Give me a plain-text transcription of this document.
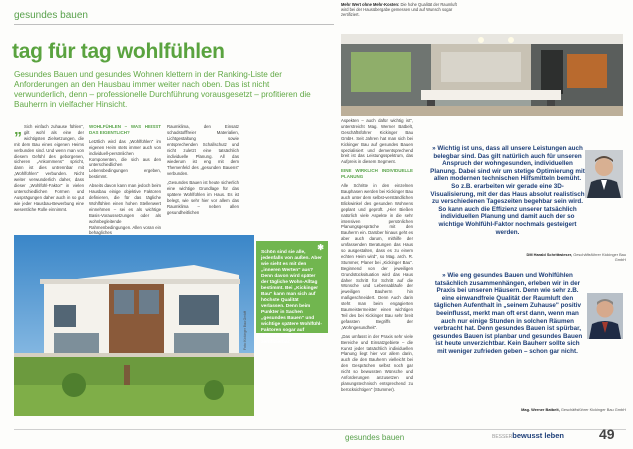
gesundes bauen
tag für tag wohlfühlen
Gesundes Bauen und gesundes Wohnen klettern in der Ranking-Liste der Anforderungen an den Hausbau immer weiter nach oben. Das ist nicht verwunderlich, denn – professionelle Durchführung vorausgesetzt – profitieren die Bauherrn in vielfacher Hinsicht.

„ Sich einfach zuhause fühlen", gilt wohl als eine der wichtigsten Zielsetzungen, die mit dem Bau eines eigenen Heims verbunden sind. Und wenn man von diesem Gefühl des geborgenen, sicheren „Ankommens" spricht, dann ist dies untrennbar mit „Wohlfühlen" verbunden. Nicht weiter verwunderlich daher, dass dieser „Wohlfühl-Faktor" in vielen unterschiedlichen Formen und Ausprägungen daher auch in so gut wie jeder Hausbau-Bewerbung eine wesentliche Rolle einnimmt.

WOHLFÜHLEN – WAS HEISST DAS EIGENTLICH?

Letztlich wird das „Wohlfühlen" im eigenen Heim stets immer auch von individuell-persönlichen Komponenten, die sich aus den unterschiedlichen Lebensbedingungen ergeben, bestimmt.

Abseits davon kann man jedoch beim Hausbau einige objektive Faktoren definieren, die für das tägliche Wohlfühlen einen hohen Stellenwert einnehmen – sei es als wichtige Basis-Voraussetzungen oder als wohnbegleitende Rahmenbedingungen. Allen voran ein behagliches

Raumklima, den Einsatz schadstofffreier Materialien, Lichtgestaltung sowie entsprechenden Schallschutz und nicht zuletzt eine tatsächlich individuelle Planung. All das wiederum ist eng mit dem Themenfeld des „gesunden Bauens" verbunden.

„Gesundes Bauen ist heute sicherlich eine wichtige Grundlage für das spätere Wohlfühlen im Haus. Es ist belegt, wie sehr hier vor allem das Raumklima – neben allen gesundheitlichen

Mehr Wert ohne Mehr-Kosten: Die hohe Qualität der Raumluft wird bei der Hausübergabe gemessen und auf Wunsch sogar zertifiziert.

Aspekten – auch dafür wichtig ist", unterstreicht Mag. Werner Batbelt, Geschäftsführer Kickinger Bau GmbH. Seit Jahren hat man sich bei Kickinger Bau auf gesundes Bauen spezialisiert und dementsprechend breit ist das Leistungsspektrum, das Aufpreis in diesem Segment.

EINE WIRKLICH INDIVIDUELLE PLANUNG

Alle Schritte in den einzelnen Bauphasen werden bei Kickinger Bau auch unter dem selbst-verständlichen Blickwinkel des gesunden Wohnens geplant und geprüft. „Hier Bießen natürlich viele Aspekte in die sehr intensiven persönlichen Planungsgespräche mit den Bauherrn ein. Darüber hinaus geht es aber auch darum, mithilfe der umfassenden Beratungen das Haus so ausgestalten, dass es zu einem echten Heim wird", so Mag. arch. R. Stummer, Planer bei „Kickinger Bau". Beginnend von der jeweiligen Grundstücksituation wird das Haus daher Schritt für Schritt auf die Wünsche und Lebensabläufe der jeweiligen Bauherrn hin maßgeschneidert. Denn Auch darin steht man beim engagierten Baumeistermeister einen wichtigen Teil des bei Kickinger Bau sehr breit gefassten Begriffs der „Wohngesundheit".

„Das umfasst in der Praxis sehr viele Bereiche und Einsatzgebiete – die Kunst jeder tatsächlich individuellen Planung liegt hier vor allem darin, auch die den Bauherrn vielleicht bei den Gesprächen selbst noch gar nicht so bewussten Wünsche und Anforderungen anzusetzen und planungstechnisch entsprechend zu berücksichtigen" (Stummer).

Foto: Kickinger Bau GmbH
✱
Schön sind sie alle, jedenfalls von außen. Aber wie sieht es mit den „inneren Werten" aus? Denn davon wird später der tägliche Wohn-Alltag bestimmt. Bei „Kickinger Bau" kann man sich auf höchste Qualität verlassen. Denn beim Punkter in Sachen „gesundes Bauen" und wichtige spätere Wohlfühl-Faktoren sogar auf Wunsch auch zertifizierbar.
» Wichtig ist uns, dass all unsere Leistungen auch belegbar sind. Das gilt natürlich auch für unseren Anspruch der wohngesunden, individuellen Planung. Dabei sind wir um stetige Optimierung mit allen modernen technischen Hilfsmitteln bemüht. So z.B. erarbeiten wir gerade eine 3D-Visualisierung, mit der das Haus absolut realistisch zu verschiedenen Tageszeiten begehbar sein wird. So kann auch die Effizienz unserer tatsächlich individuellen Planung und damit auch der so wichtige Wohlfühl-Faktor nochmals gesteigert werden.
DM Harald Schrittwieser, Geschäftsführer Kickinger Bau GmbH
» Wie eng gesundes Bauen und Wohlfühlen tatsächlich zusammenhängen, erleben wir in der Praxis bei unseren Häusern. Denn wie sehr z.B. eine einwandfreie Qualität der Raumluft den täglichen Aufenthalt in „seinem Zuhause" positiv beeinflusst, merkt man oft erst dann, wenn man auch nur einige Stunden in solchen Räumen verbracht hat. Denn gesundes Bauen ist spürbar, gesundes Bauen ist planbar und gesundes Bauen ist heute unverzichtbar. Kein Bauherr sollte sich mit weniger zufrieden geben – schon gar nicht.
Mag. Werner Batbelt, Geschäftsführer Kickinger Bau GmbH
gesundes bauen	BESSERbewusst leben	49
